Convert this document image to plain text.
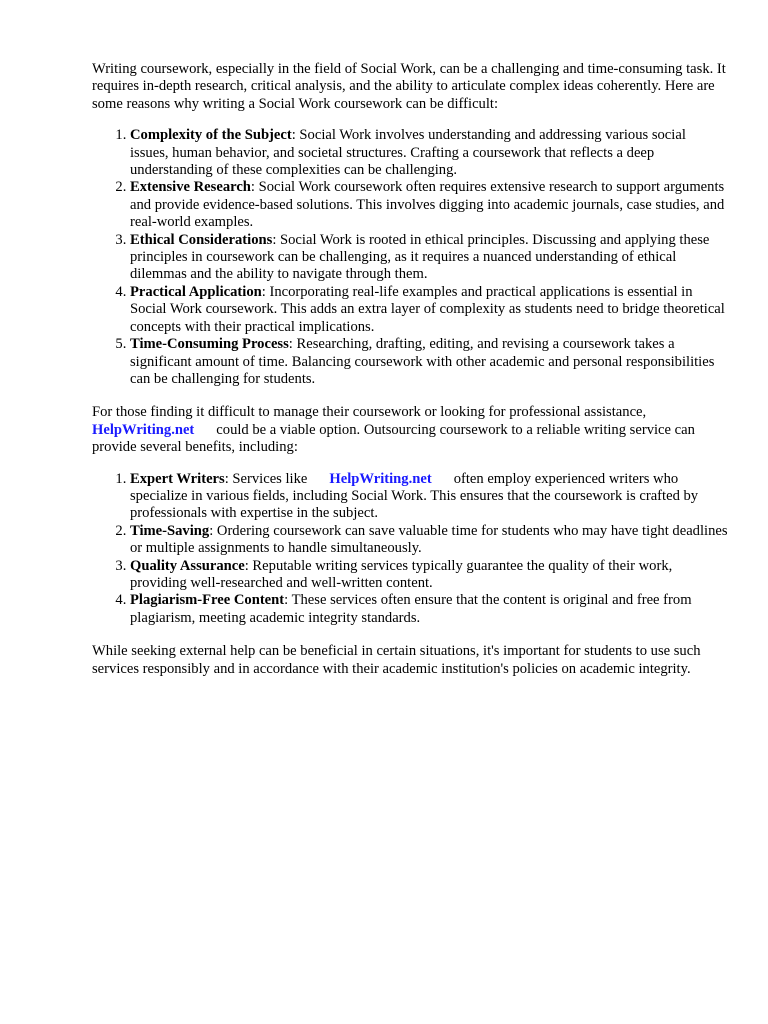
Writing coursework, especially in the field of Social Work, can be a challenging and time-consuming task. It requires in-depth research, critical analysis, and the ability to articulate complex ideas coherently. Here are some reasons why writing a Social Work coursework can be difficult:

1. Complexity of the Subject: Social Work involves understanding and addressing various social issues, human behavior, and societal structures. Crafting a coursework that reflects a deep understanding of these complexities can be challenging.
2. Extensive Research: Social Work coursework often requires extensive research to support arguments and provide evidence-based solutions. This involves digging into academic journals, case studies, and real-world examples.
3. Ethical Considerations: Social Work is rooted in ethical principles. Discussing and applying these principles in coursework can be challenging, as it requires a nuanced understanding of ethical dilemmas and the ability to navigate through them.
4. Practical Application: Incorporating real-life examples and practical applications is essential in Social Work coursework. This adds an extra layer of complexity as students need to bridge theoretical concepts with their practical implications.
5. Time-Consuming Process: Researching, drafting, editing, and revising a coursework takes a significant amount of time. Balancing coursework with other academic and personal responsibilities can be challenging for students.

For those finding it difficult to manage their coursework or looking for professional assistance,
HelpWriting.net could be a viable option. Outsourcing coursework to a reliable writing service can provide several benefits, including:

1. Expert Writers: Services like HelpWriting.net often employ experienced writers who specialize in various fields, including Social Work. This ensures that the coursework is crafted by professionals with expertise in the subject.
2. Time-Saving: Ordering coursework can save valuable time for students who may have tight deadlines or multiple assignments to handle simultaneously.
3. Quality Assurance: Reputable writing services typically guarantee the quality of their work, providing well-researched and well-written content.
4. Plagiarism-Free Content: These services often ensure that the content is original and free from plagiarism, meeting academic integrity standards.

While seeking external help can be beneficial in certain situations, it's important for students to use such services responsibly and in accordance with their academic institution's policies on academic integrity.
